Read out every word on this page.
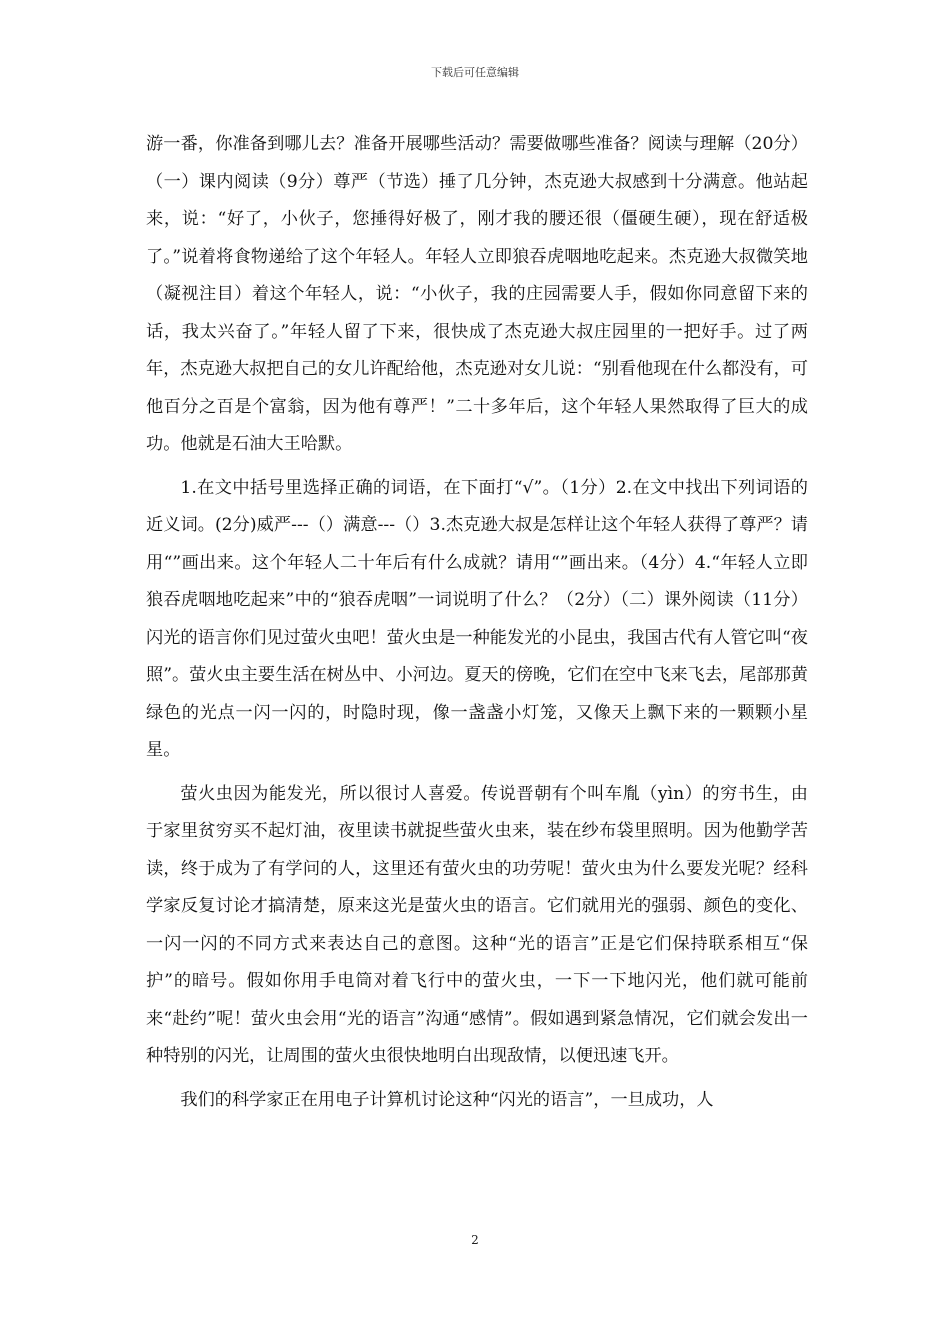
下载后可任意编辑

游一番，你准备到哪儿去？准备开展哪些活动？需要做哪些准备？阅读与理解（20分）（一）课内阅读（9分）尊严（节选）捶了几分钟，杰克逊大叔感到十分满意。他站起来，说：“好了，小伙子，您捶得好极了，刚才我的腰还很（僵硬生硬），现在舒适极了。”说着将食物递给了这个年轻人。年轻人立即狼吞虎咽地吃起来。杰克逊大叔微笑地（凝视注目）着这个年轻人，说：“小伙子，我的庄园需要人手，假如你同意留下来的话，我太兴奋了。”年轻人留了下来，很快成了杰克逊大叔庄园里的一把好手。过了两年，杰克逊大叔把自己的女儿许配给他，杰克逊对女儿说：“别看他现在什么都没有，可他百分之百是个富翁，因为他有尊严！”二十多年后，这个年轻人果然取得了巨大的成功。他就是石油大王哈默。

1.在文中括号里选择正确的词语，在下面打“√”。（1分）2.在文中找出下列词语的近义词。(2分)威严---（）满意---（）3.杰克逊大叔是怎样让这个年轻人获得了尊严？请用“”画出来。这个年轻人二十年后有什么成就？请用“”画出来。（4分）4.“年轻人立即狼吞虎咽地吃起来”中的“狼吞虎咽”一词说明了什么？（2分）（二）课外阅读（11分）闪光的语言你们见过萤火虫吧！萤火虫是一种能发光的小昆虫，我国古代有人管它叫“夜照”。萤火虫主要生活在树丛中、小河边。夏天的傍晚，它们在空中飞来飞去，尾部那黄绿色的光点一闪一闪的，时隐时现，像一盏盏小灯笼，又像天上飘下来的一颗颗小星星。

萤火虫因为能发光，所以很讨人喜爱。传说晋朝有个叫车胤（yìn）的穷书生，由于家里贫穷买不起灯油，夜里读书就捉些萤火虫来，装在纱布袋里照明。因为他勤学苦读，终于成为了有学问的人，这里还有萤火虫的功劳呢！萤火虫为什么要发光呢？经科学家反复讨论才搞清楚，原来这光是萤火虫的语言。它们就用光的强弱、颜色的变化、一闪一闪的不同方式来表达自己的意图。这种“光的语言”正是它们保持联系相互“保护”的暗号。假如你用手电筒对着飞行中的萤火虫，一下一下地闪光，他们就可能前来“赴约”呢！萤火虫会用“光的语言”沟通“感情”。假如遇到紧急情况，它们就会发出一种特别的闪光，让周围的萤火虫很快地明白出现敌情，以便迅速飞开。

我们的科学家正在用电子计算机讨论这种“闪光的语言”，一旦成功，人

2
